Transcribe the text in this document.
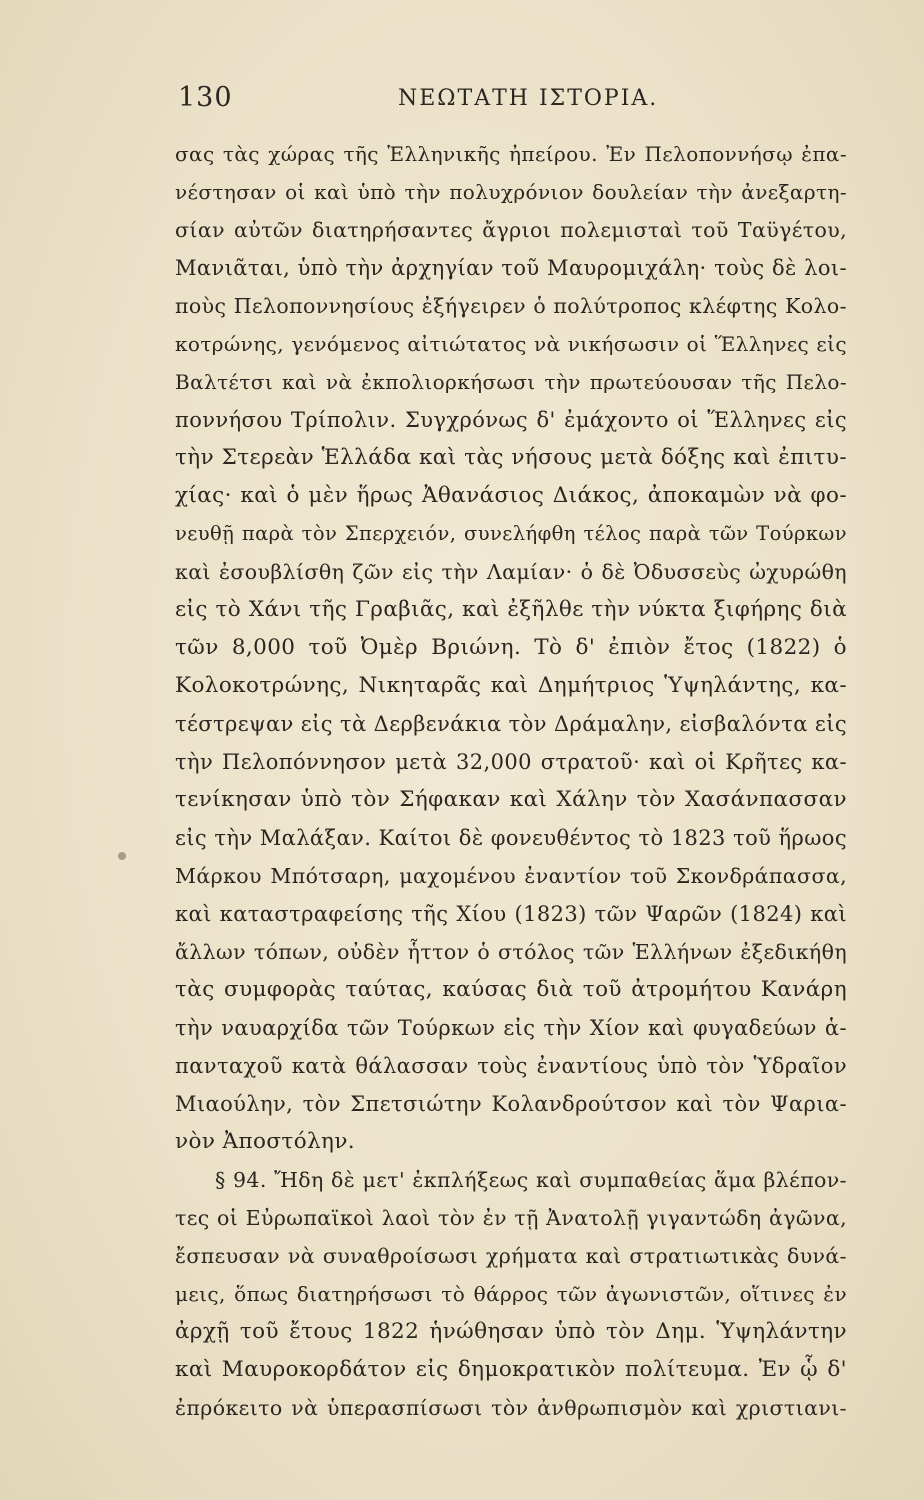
130	ΝΕΩΤΑΤΗ ΙΣΤΟΡΙΑ.
σας τὰς χώρας τῆς Ἑλληνικῆς ἠπείρου. Ἐν Πελοποννήσῳ ἐπα-
νέστησαν οἱ καὶ ὑπὸ τὴν πολυχρόνιον δουλείαν τὴν ἀνεξαρτη-
σίαν αὐτῶν διατηρήσαντες ἄγριοι πολεμισταὶ τοῦ Ταϋγέτου,
Μανιᾶται, ὑπὸ τὴν ἀρχηγίαν τοῦ Μαυρομιχάλη· τοὺς δὲ λοι-
ποὺς Πελοποννησίους ἐξήγειρεν ὁ πολύτροπος κλέφτης Κολο-
κοτρώνης, γενόμενος αἰτιώτατος νὰ νικήσωσιν οἱ Ἕλληνες εἰς
Βαλτέτσι καὶ νὰ ἐκπολιορκήσωσι τὴν πρωτεύουσαν τῆς Πελο-
ποννήσου Τρίπολιν. Συγχρόνως δ' ἐμάχοντο οἱ Ἕλληνες εἰς
τὴν Στερεὰν Ἑλλάδα καὶ τὰς νήσους μετὰ δόξης καὶ ἐπιτυ-
χίας· καὶ ὁ μὲν ἥρως Ἀθανάσιος Διάκος, ἀποκαμὼν νὰ φο-
νευθῇ παρὰ τὸν Σπερχειόν, συνελήφθη τέλος παρὰ τῶν Τούρκων
καὶ ἐσουβλίσθη ζῶν εἰς τὴν Λαμίαν· ὁ δὲ Ὀδυσσεὺς ὠχυρώθη
εἰς τὸ Χάνι τῆς Γραβιᾶς, καὶ ἐξῆλθε τὴν νύκτα ξιφήρης διὰ
τῶν 8,000 τοῦ Ὀμὲρ Βριώνη. Τὸ δ' ἐπιὸν ἔτος (1822) ὁ
Κολοκοτρώνης, Νικηταρᾶς καὶ Δημήτριος Ὑψηλάντης, κα-
τέστρεψαν εἰς τὰ Δερβενάκια τὸν Δράμαλην, εἰσβαλόντα εἰς
τὴν Πελοπόννησον μετὰ 32,000 στρατοῦ· καὶ οἱ Κρῆτες κα-
τενίκησαν ὑπὸ τὸν Σήφακαν καὶ Χάλην τὸν Χασάνπασσαν
εἰς τὴν Μαλάξαν. Καίτοι δὲ φονευθέντος τὸ 1823 τοῦ ἥρωος
Μάρκου Μπότσαρη, μαχομένου ἐναντίον τοῦ Σκονδράπασσα,
καὶ καταστραφείσης τῆς Χίου (1823) τῶν Ψαρῶν (1824) καὶ
ἄλλων τόπων, οὐδὲν ἧττον ὁ στόλος τῶν Ἑλλήνων ἐξεδικήθη
τὰς συμφορὰς ταύτας, καύσας διὰ τοῦ ἀτρομήτου Κανάρη
τὴν ναυαρχίδα τῶν Τούρκων εἰς τὴν Χίον καὶ φυγαδεύων ἁ-
πανταχοῦ κατὰ θάλασσαν τοὺς ἐναντίους ὑπὸ τὸν Ὑδραῖον
Μιαούλην, τὸν Σπετσιώτην Κολανδρούτσον καὶ τὸν Ψαρια-
νὸν Ἀποστόλην.
§ 94. Ἤδη δὲ μετ' ἐκπλήξεως καὶ συμπαθείας ἅμα βλέπον-
τες οἱ Εὐρωπαϊκοὶ λαοὶ τὸν ἐν τῇ Ἀνατολῇ γιγαντώδη ἀγῶνα,
ἔσπευσαν νὰ συναθροίσωσι χρήματα καὶ στρατιωτικὰς δυνά-
μεις, ὅπως διατηρήσωσι τὸ θάρρος τῶν ἀγωνιστῶν, οἵτινες ἐν
ἀρχῇ τοῦ ἔτους 1822 ἡνώθησαν ὑπὸ τὸν Δημ. Ὑψηλάντην
καὶ Μαυροκορδάτον εἰς δημοκρατικὸν πολίτευμα. Ἐν ᾧ δ'
ἐπρόκειτο νὰ ὑπερασπίσωσι τὸν ἀνθρωπισμὸν καὶ χριστιανι-
